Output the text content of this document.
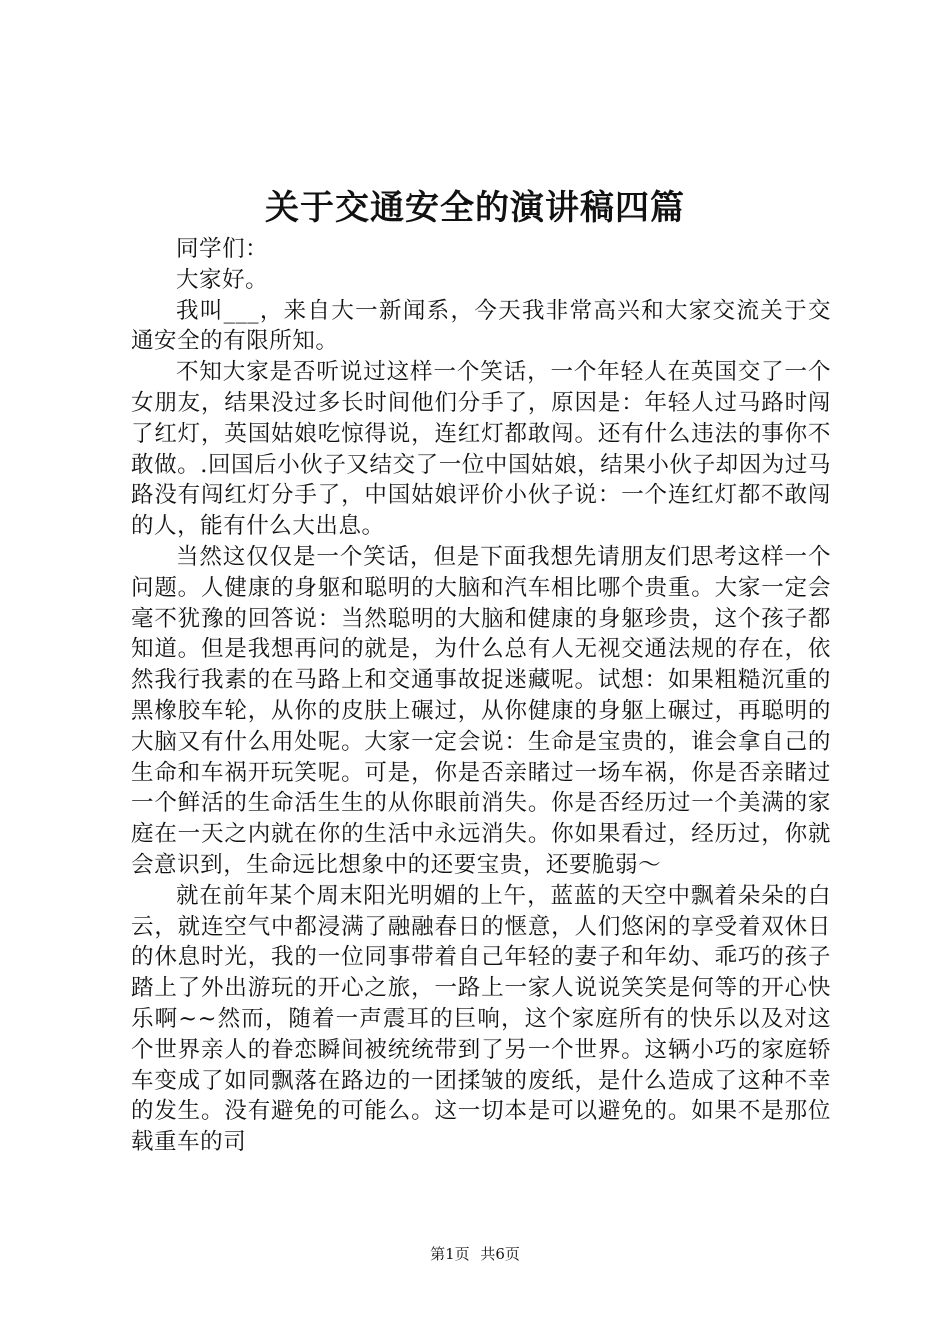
关于交通安全的演讲稿四篇

同学们：

大家好。

我叫___，来自大一新闻系，今天我非常高兴和大家交流关于交通安全的有限所知。

不知大家是否听说过这样一个笑话，一个年轻人在英国交了一个女朋友，结果没过多长时间他们分手了，原因是：年轻人过马路时闯了红灯，英国姑娘吃惊得说，连红灯都敢闯。还有什么违法的事你不敢做。.回国后小伙子又结交了一位中国姑娘，结果小伙子却因为过马路没有闯红灯分手了，中国姑娘评价小伙子说：一个连红灯都不敢闯的人，能有什么大出息。

当然这仅仅是一个笑话，但是下面我想先请朋友们思考这样一个问题。人健康的身躯和聪明的大脑和汽车相比哪个贵重。大家一定会毫不犹豫的回答说：当然聪明的大脑和健康的身躯珍贵，这个孩子都知道。但是我想再问的就是，为什么总有人无视交通法规的存在，依然我行我素的在马路上和交通事故捉迷藏呢。试想：如果粗糙沉重的黑橡胶车轮，从你的皮肤上碾过，从你健康的身躯上碾过，再聪明的大脑又有什么用处呢。大家一定会说：生命是宝贵的，谁会拿自己的生命和车祸开玩笑呢。可是，你是否亲睹过一场车祸，你是否亲睹过一个鲜活的生命活生生的从你眼前消失。你是否经历过一个美满的家庭在一天之内就在你的生活中永远消失。你如果看过，经历过，你就会意识到，生命远比想象中的还要宝贵，还要脆弱～

就在前年某个周末阳光明媚的上午，蓝蓝的天空中飘着朵朵的白云，就连空气中都浸满了融融春日的惬意，人们悠闲的享受着双休日的休息时光，我的一位同事带着自己年轻的妻子和年幼、乖巧的孩子踏上了外出游玩的开心之旅，一路上一家人说说笑笑是何等的开心快乐啊~~然而，随着一声震耳的巨响，这个家庭所有的快乐以及对这个世界亲人的眷恋瞬间被统统带到了另一个世界。这辆小巧的家庭轿车变成了如同飘落在路边的一团揉皱的废纸，是什么造成了这种不幸的发生。没有避免的可能么。这一切本是可以避免的。如果不是那位载重车的司

第1页 共6页
